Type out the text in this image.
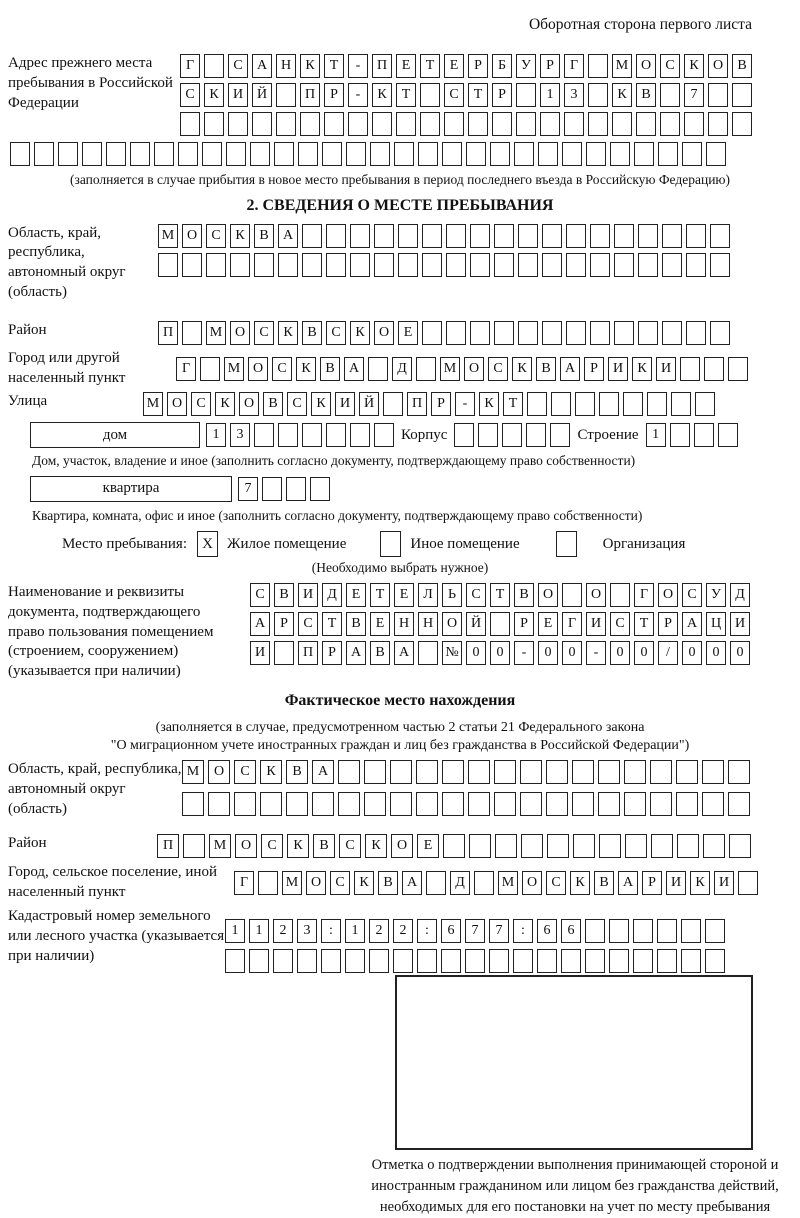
Оборотная сторона первого листа
Адрес прежнего места пребывания в Российской Федерации
Г	С	А Н	К	Т	-	П	Е	Т	Е	Р	Б	У	Р	Г	М О	С	К	О	В
С	К	И Й	П	Р	-	К	Т	С	Т	Р	1	3	К	В	7
(заполняется в случае прибытия в новое место пребывания в период последнего въезда в Российскую Федерацию)
2. СВЕДЕНИЯ О МЕСТЕ ПРЕБЫВАНИЯ
Область, край, республика, автономный округ (область)
М О	С	К	В	А
Район	П	М О	С	К	В	С	К	О	Е
Город или другой населенный пункт
Г	М О	С	К	В	А	Д	М О	С	К	В	А	Р	И	К	И
Улица	М О	С	К	О	В	С	К	И Й	П	Р	-	К	Т
дом	1	3	Корпус	Строение 1
Дом, участок, владение и иное (заполнить согласно документу, подтверждающему право собственности)
квартира	7
Квартира, комната, офис и иное (заполнить согласно документу, подтверждающему право собственности)
Место пребывания:	X Жилое помещение	Иное помещение	Организация
(Необходимо выбрать нужное)
Наименование и реквизиты документа, подтверждающего право пользования помещением (строением, сооружением) (указывается при наличии)
С	В	И	Д	Е	Т	Е	Л	Ь	С	Т	В	О	О	Г	О	С	У	Д
А	Р	С	Т	В	Е	Н Н О Й	Р	Е	Г	И	С	Т	Р	А Ц И
И	П	Р	А	В	А	№ 0	0	-	0	0	-	0	0	/	0	0	0
Фактическое место нахождения
(заполняется в случае, предусмотренном частью 2 статьи 21 Федерального закона
"О миграционном учете иностранных граждан и лиц без гражданства в Российской Федерации")
Область, край, республика, автономный округ (область)
М	О	С	К	В	А
Район	П	М	О	С	К	В	С	К	О	Е
Город, сельское поселение, иной населенный пункт
Г	М О	С	К	В	А	Д	М О	С	К	В	А	Р	И	К	И
Кадастровый номер земельного или лесного участка (указывается при наличии)
1	1	2	3	:	1	2	2	:	6	7	7	:	6	6
Отметка о подтверждении выполнения принимающей стороной и иностранным гражданином или лицом без гражданства действий, необходимых для его постановки на учет по месту пребывания
